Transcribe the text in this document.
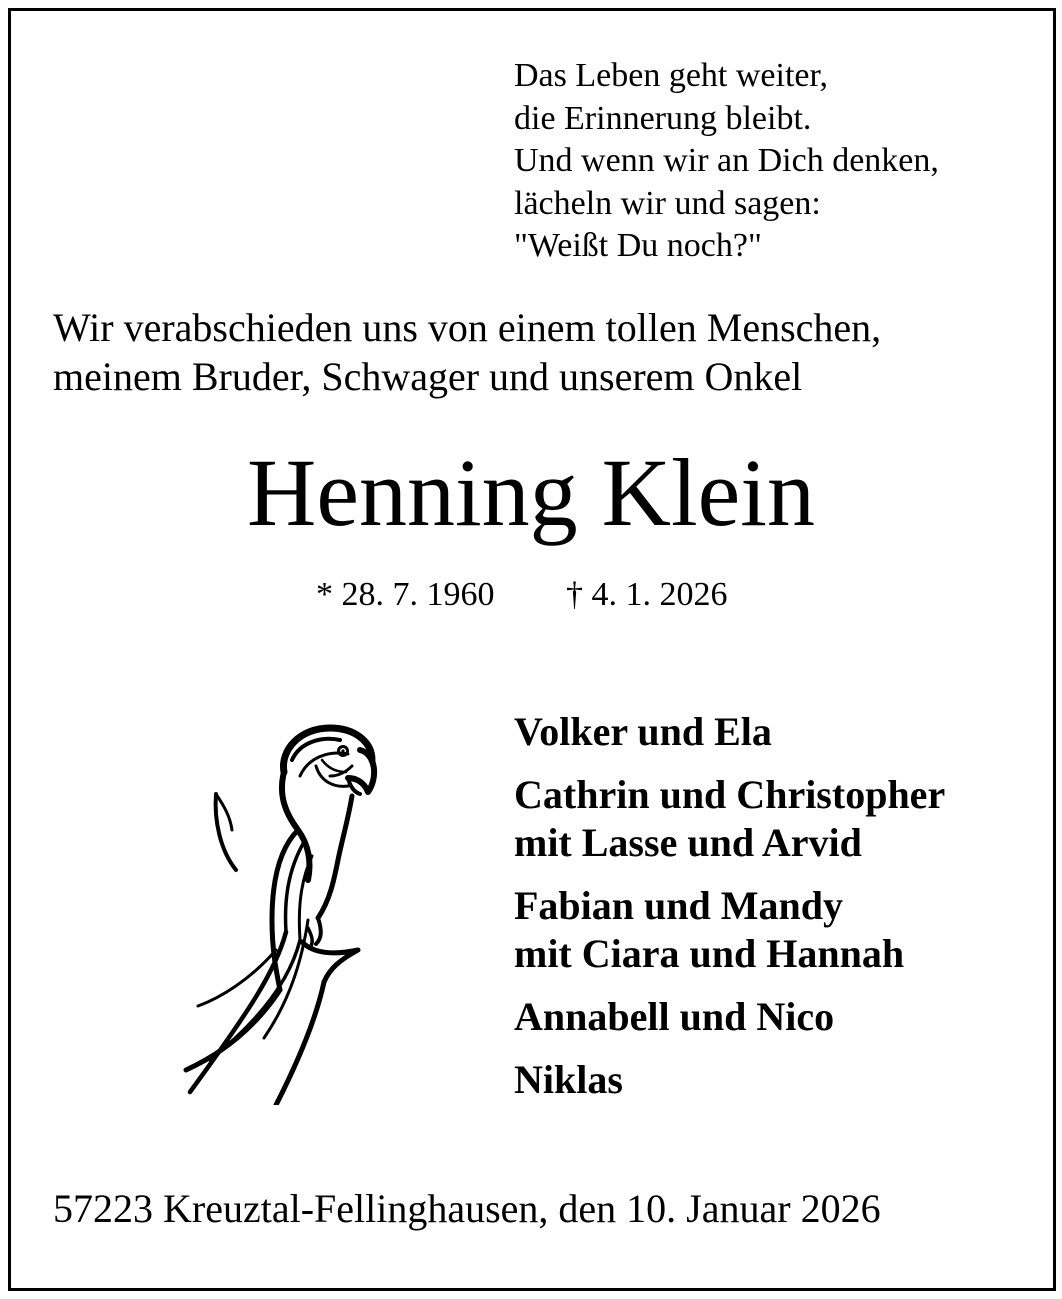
Das Leben geht weiter,
die Erinnerung bleibt.
Und wenn wir an Dich denken,
lächeln wir und sagen:
"Weißt Du noch?"
Wir verabschieden uns von einem tollen Menschen,
meinem Bruder, Schwager und unserem Onkel
Henning Klein
* 28. 7. 1960 † 4. 1. 2026
Volker und Ela
Cathrin und Christopher
mit Lasse und Arvid
Fabian und Mandy
mit Ciara und Hannah
Annabell und Nico
Niklas
57223 Kreuztal-Fellinghausen, den 10. Januar 2026
